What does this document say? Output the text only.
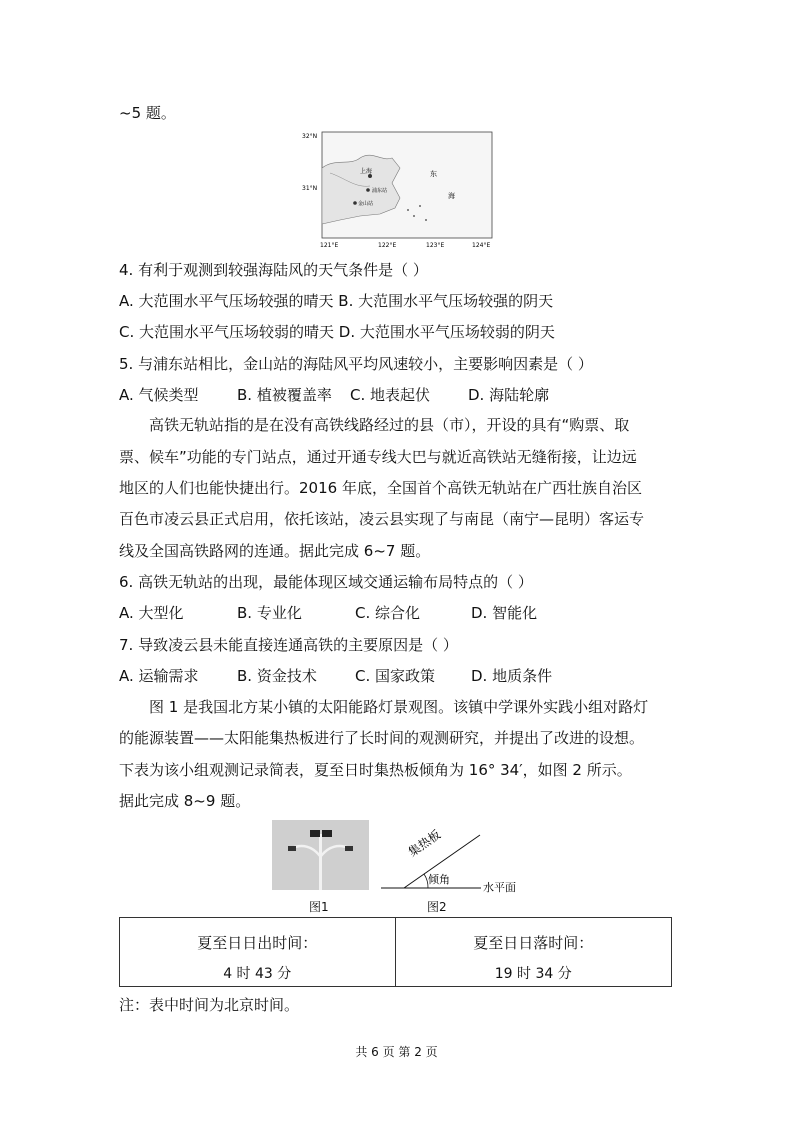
~5 题。
32°N
31°N
121°E	122°E	123°E	124°E
上海
浦东站
金山站
东
海
4. 有利于观测到较强海陆风的天气条件是（ ）
A. 大范围水平气压场较强的晴天 B. 大范围水平气压场较强的阴天
C. 大范围水平气压场较弱的晴天 D. 大范围水平气压场较弱的阴天
5. 与浦东站相比，金山站的海陆风平均风速较小，主要影响因素是（ ）
A. 气候类型	B. 植被覆盖率 C. 地表起伏	D. 海陆轮廓
高铁无轨站指的是在没有高铁线路经过的县（市），开设的具有“购票、取
票、候车”功能的专门站点，通过开通专线大巴与就近高铁站无缝衔接，让边远
地区的人们也能快捷出行。2016 年底，全国首个高铁无轨站在广西壮族自治区
百色市凌云县正式启用，依托该站，凌云县实现了与南昆（南宁—昆明）客运专
线及全国高铁路网的连通。据此完成 6~7 题。
6. 高铁无轨站的出现，最能体现区域交通运输布局特点的（ ）
A. 大型化	B. 专业化	C. 综合化	D. 智能化
7. 导致凌云县未能直接连通高铁的主要原因是（ ）
A. 运输需求	B. 资金技术	C. 国家政策 D. 地质条件
图 1 是我国北方某小镇的太阳能路灯景观图。该镇中学课外实践小组对路灯
的能源装置——太阳能集热板进行了长时间的观测研究，并提出了改进的设想。
下表为该小组观测记录简表，夏至日时集热板倾角为 16° 34′，如图 2 所示。
据此完成 8~9 题。
图1
集热板
倾角
水平面
图2
夏至日日出时间：
4 时 43 分
夏至日日落时间：
19 时 34 分
注：表中时间为北京时间。
共 6 页 第 2 页
